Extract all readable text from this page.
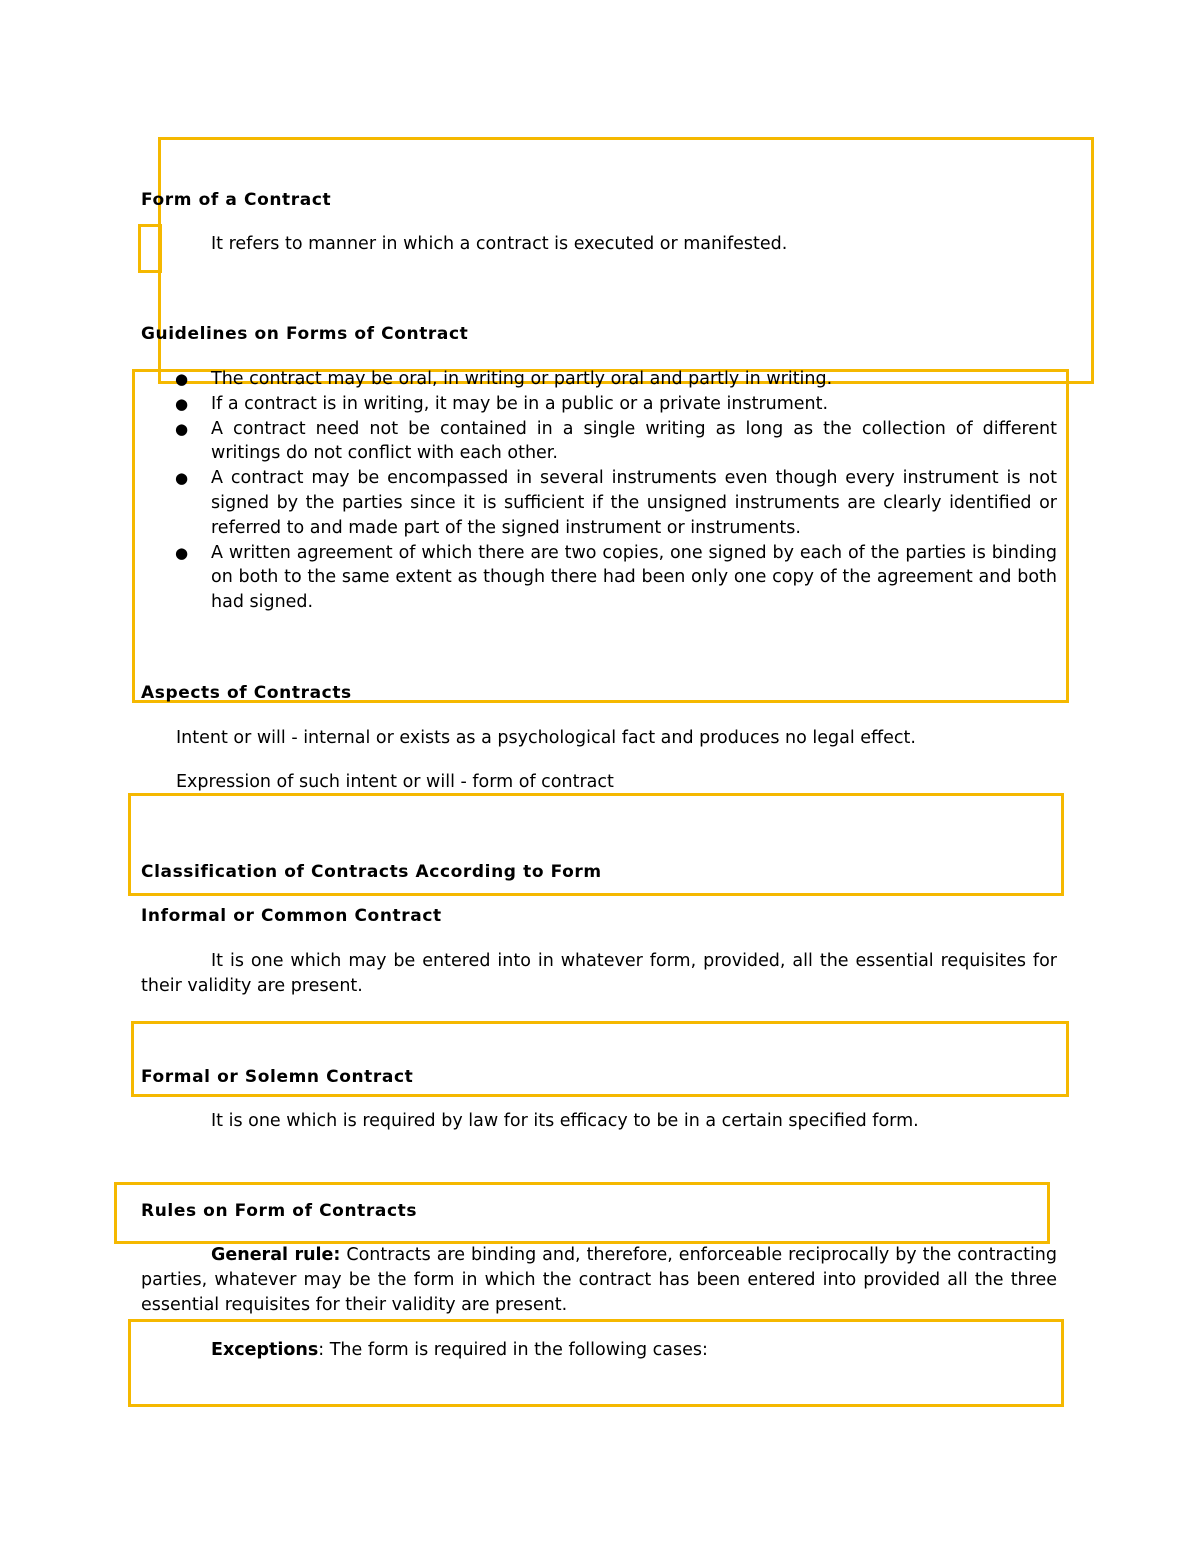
Form of a Contract
It refers to manner in which a contract is executed or manifested.
Guidelines on Forms of Contract
● The contract may be oral, in writing or partly oral and partly in writing.
● If a contract is in writing, it may be in a public or a private instrument.
● A contract need not be contained in a single writing as long as the collection of different writings do not conflict with each other.
● A contract may be encompassed in several instruments even though every instrument is not signed by the parties since it is sufficient if the unsigned instruments are clearly identified or referred to and made part of the signed instrument or instruments.
● A written agreement of which there are two copies, one signed by each of the parties is binding on both to the same extent as though there had been only one copy of the agreement and both had signed.
Aspects of Contracts
Intent or will - internal or exists as a psychological fact and produces no legal effect.
Expression of such intent or will - form of contract
Classification of Contracts According to Form
Informal or Common Contract
It is one which may be entered into in whatever form, provided, all the essential requisites for their validity are present.
Formal or Solemn Contract
It is one which is required by law for its efficacy to be in a certain specified form.
Rules on Form of Contracts
General rule: Contracts are binding and, therefore, enforceable reciprocally by the contracting parties, whatever may be the form in which the contract has been entered into provided all the three essential requisites for their validity are present.
Exceptions: The form is required in the following cases:
